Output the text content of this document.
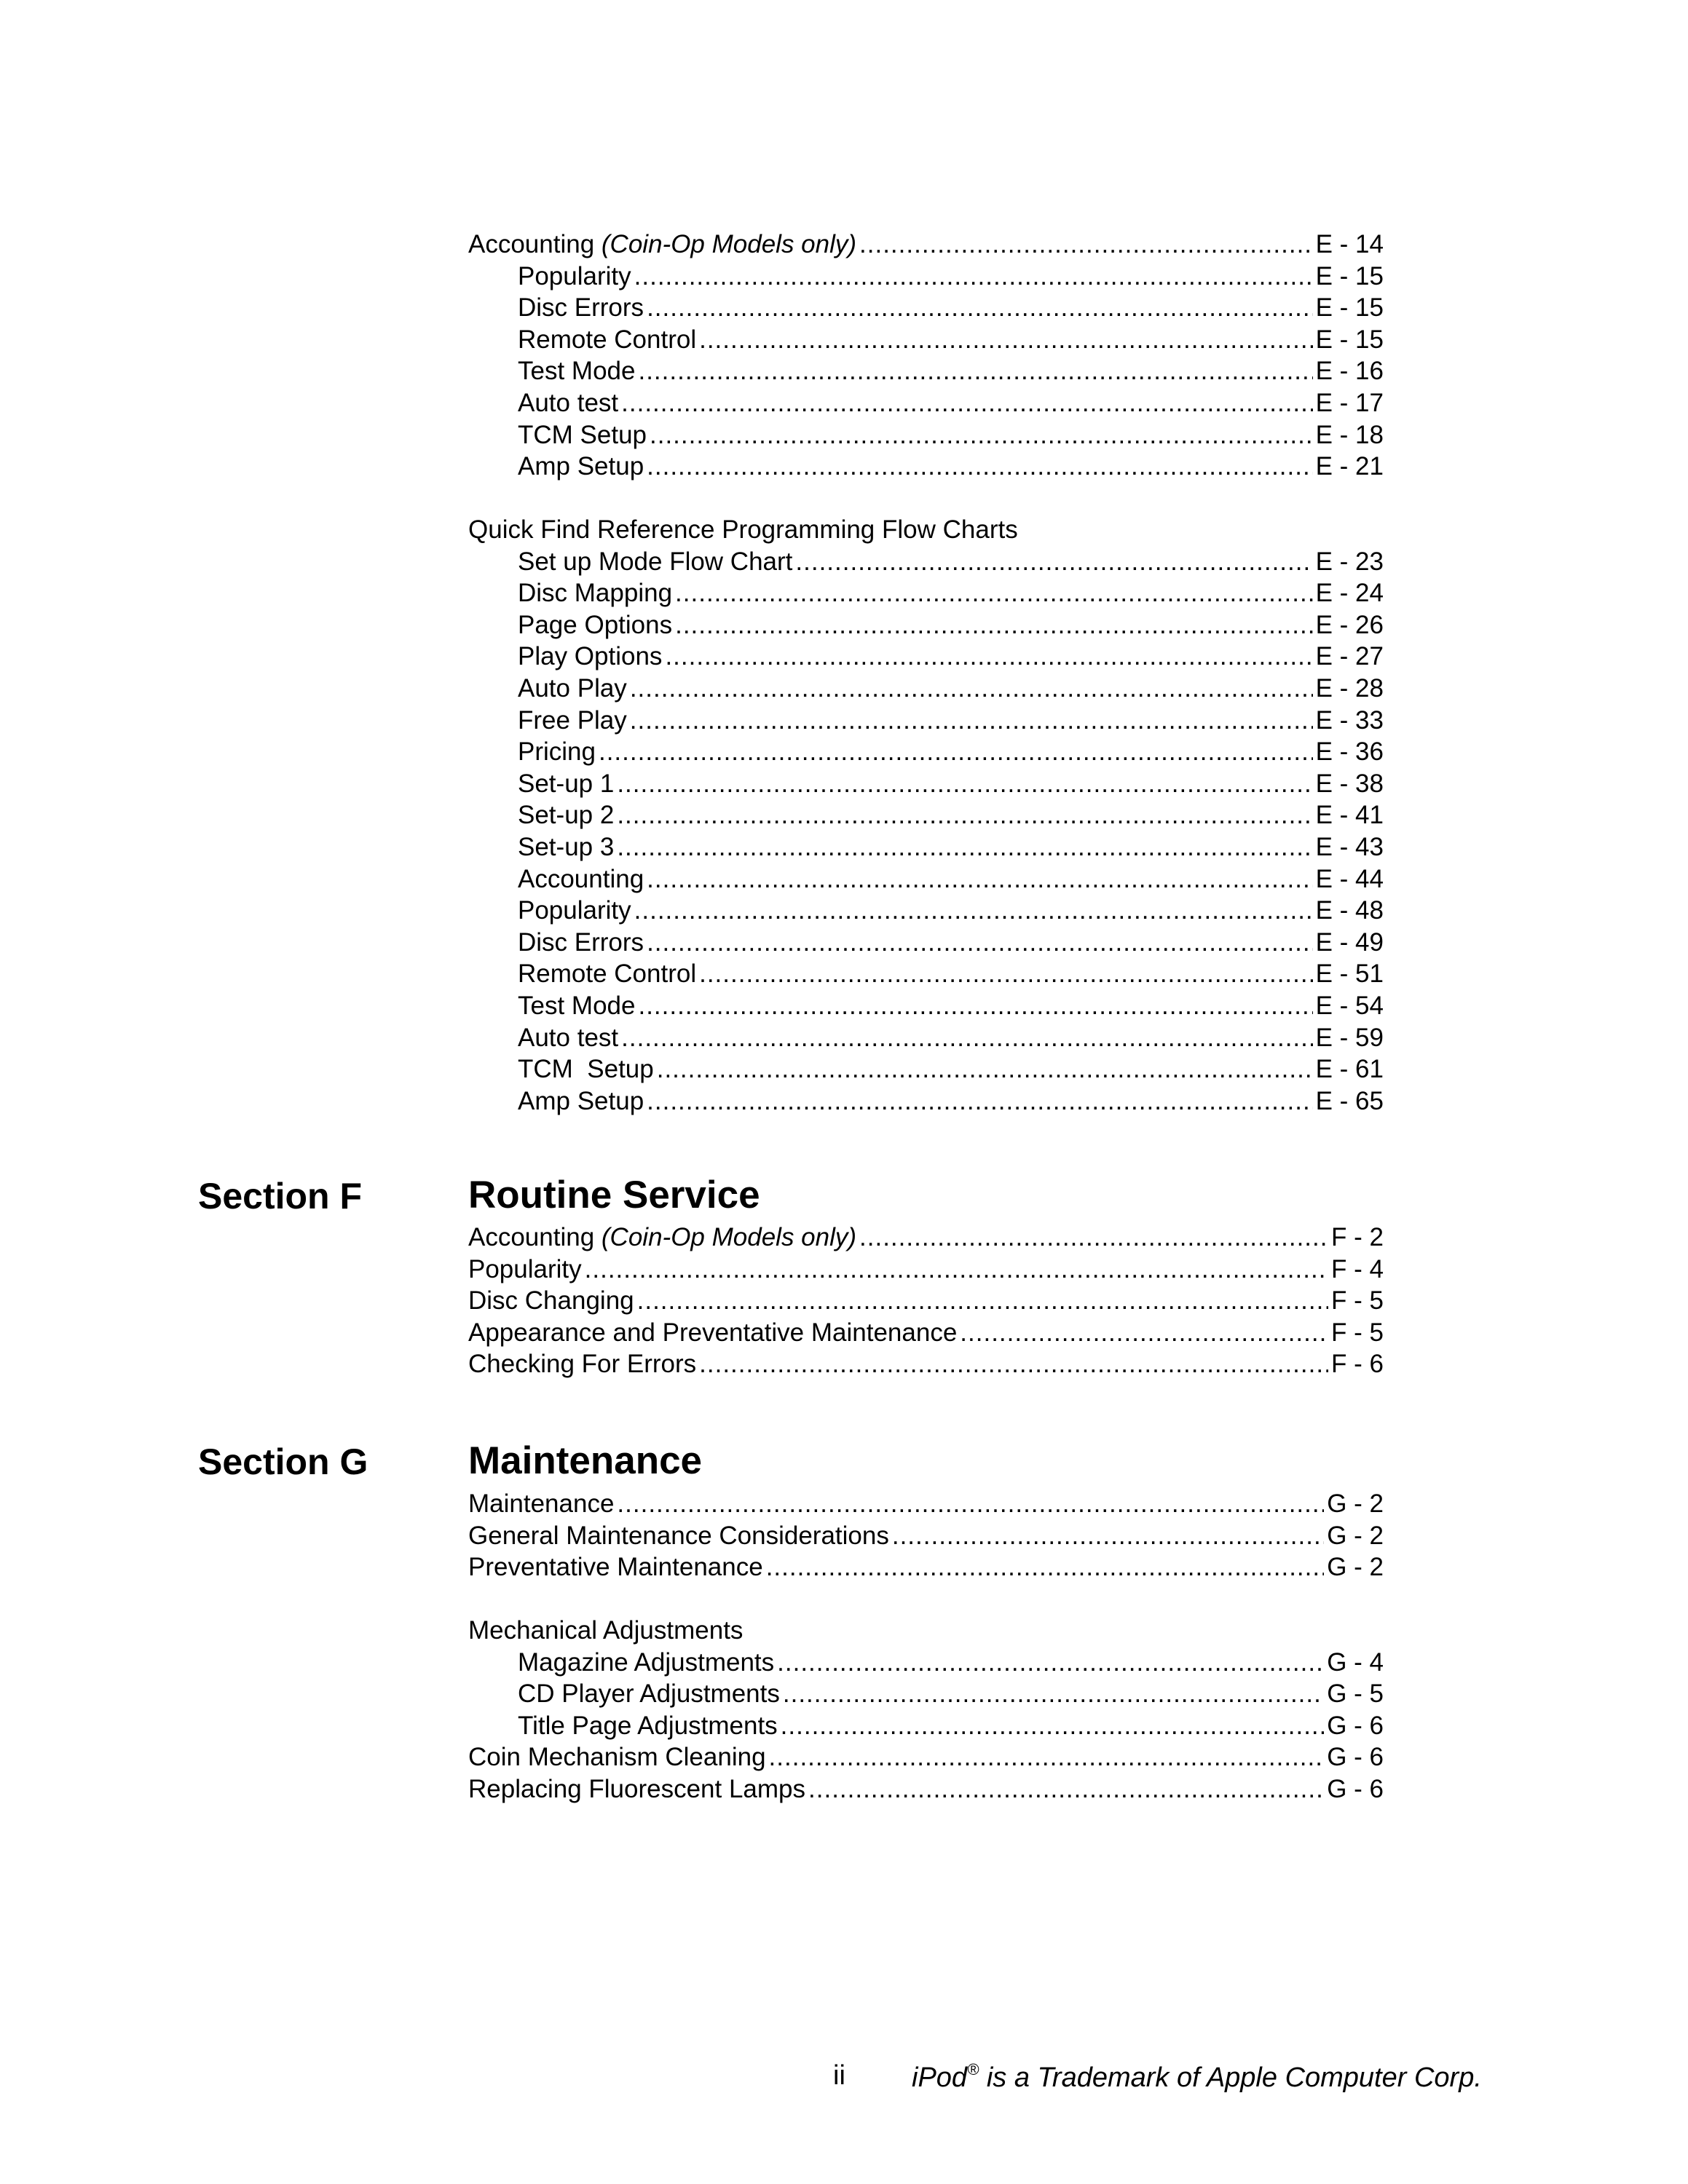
Accounting (Coin-Op Models only) .....	E - 14
Popularity .....	E - 15
Disc Errors .....	E - 15
Remote Control .....	E - 15
Test Mode .....	E - 16
Auto test .....	E - 17
TCM Setup .....	E - 18
Amp Setup .....	E - 21
Quick Find Reference Programming Flow Charts
Set up Mode Flow Chart .....	E - 23
Disc Mapping .....	E - 24
Page Options .....	E - 26
Play Options .....	E - 27
Auto Play .....	E - 28
Free Play .....	E - 33
Pricing .....	E - 36
Set-up 1 .....	E - 38
Set-up 2 .....	E - 41
Set-up 3 .....	E - 43
Accounting .....	E - 44
Popularity .....	E - 48
Disc Errors .....	E - 49
Remote Control .....	E - 51
Test Mode .....	E - 54
Auto test .....	E - 59
TCM  Setup .....	E - 61
Amp Setup .....	E - 65
Section F	Routine Service
Accounting (Coin-Op Models only) .....	F - 2
Popularity .....	F - 4
Disc Changing .....	F - 5
Appearance and Preventative Maintenance .....	F - 5
Checking For Errors .....	F - 6
Section G	Maintenance
Maintenance .....	G - 2
General Maintenance Considerations .....	G - 2
Preventative Maintenance .....	G - 2
Mechanical Adjustments
Magazine Adjustments .....	G - 4
CD Player Adjustments .....	G - 5
Title Page Adjustments .....	G - 6
Coin Mechanism Cleaning .....	G - 6
Replacing Fluorescent Lamps .....	G - 6
ii iPod® is a Trademark of Apple Computer Corp.
